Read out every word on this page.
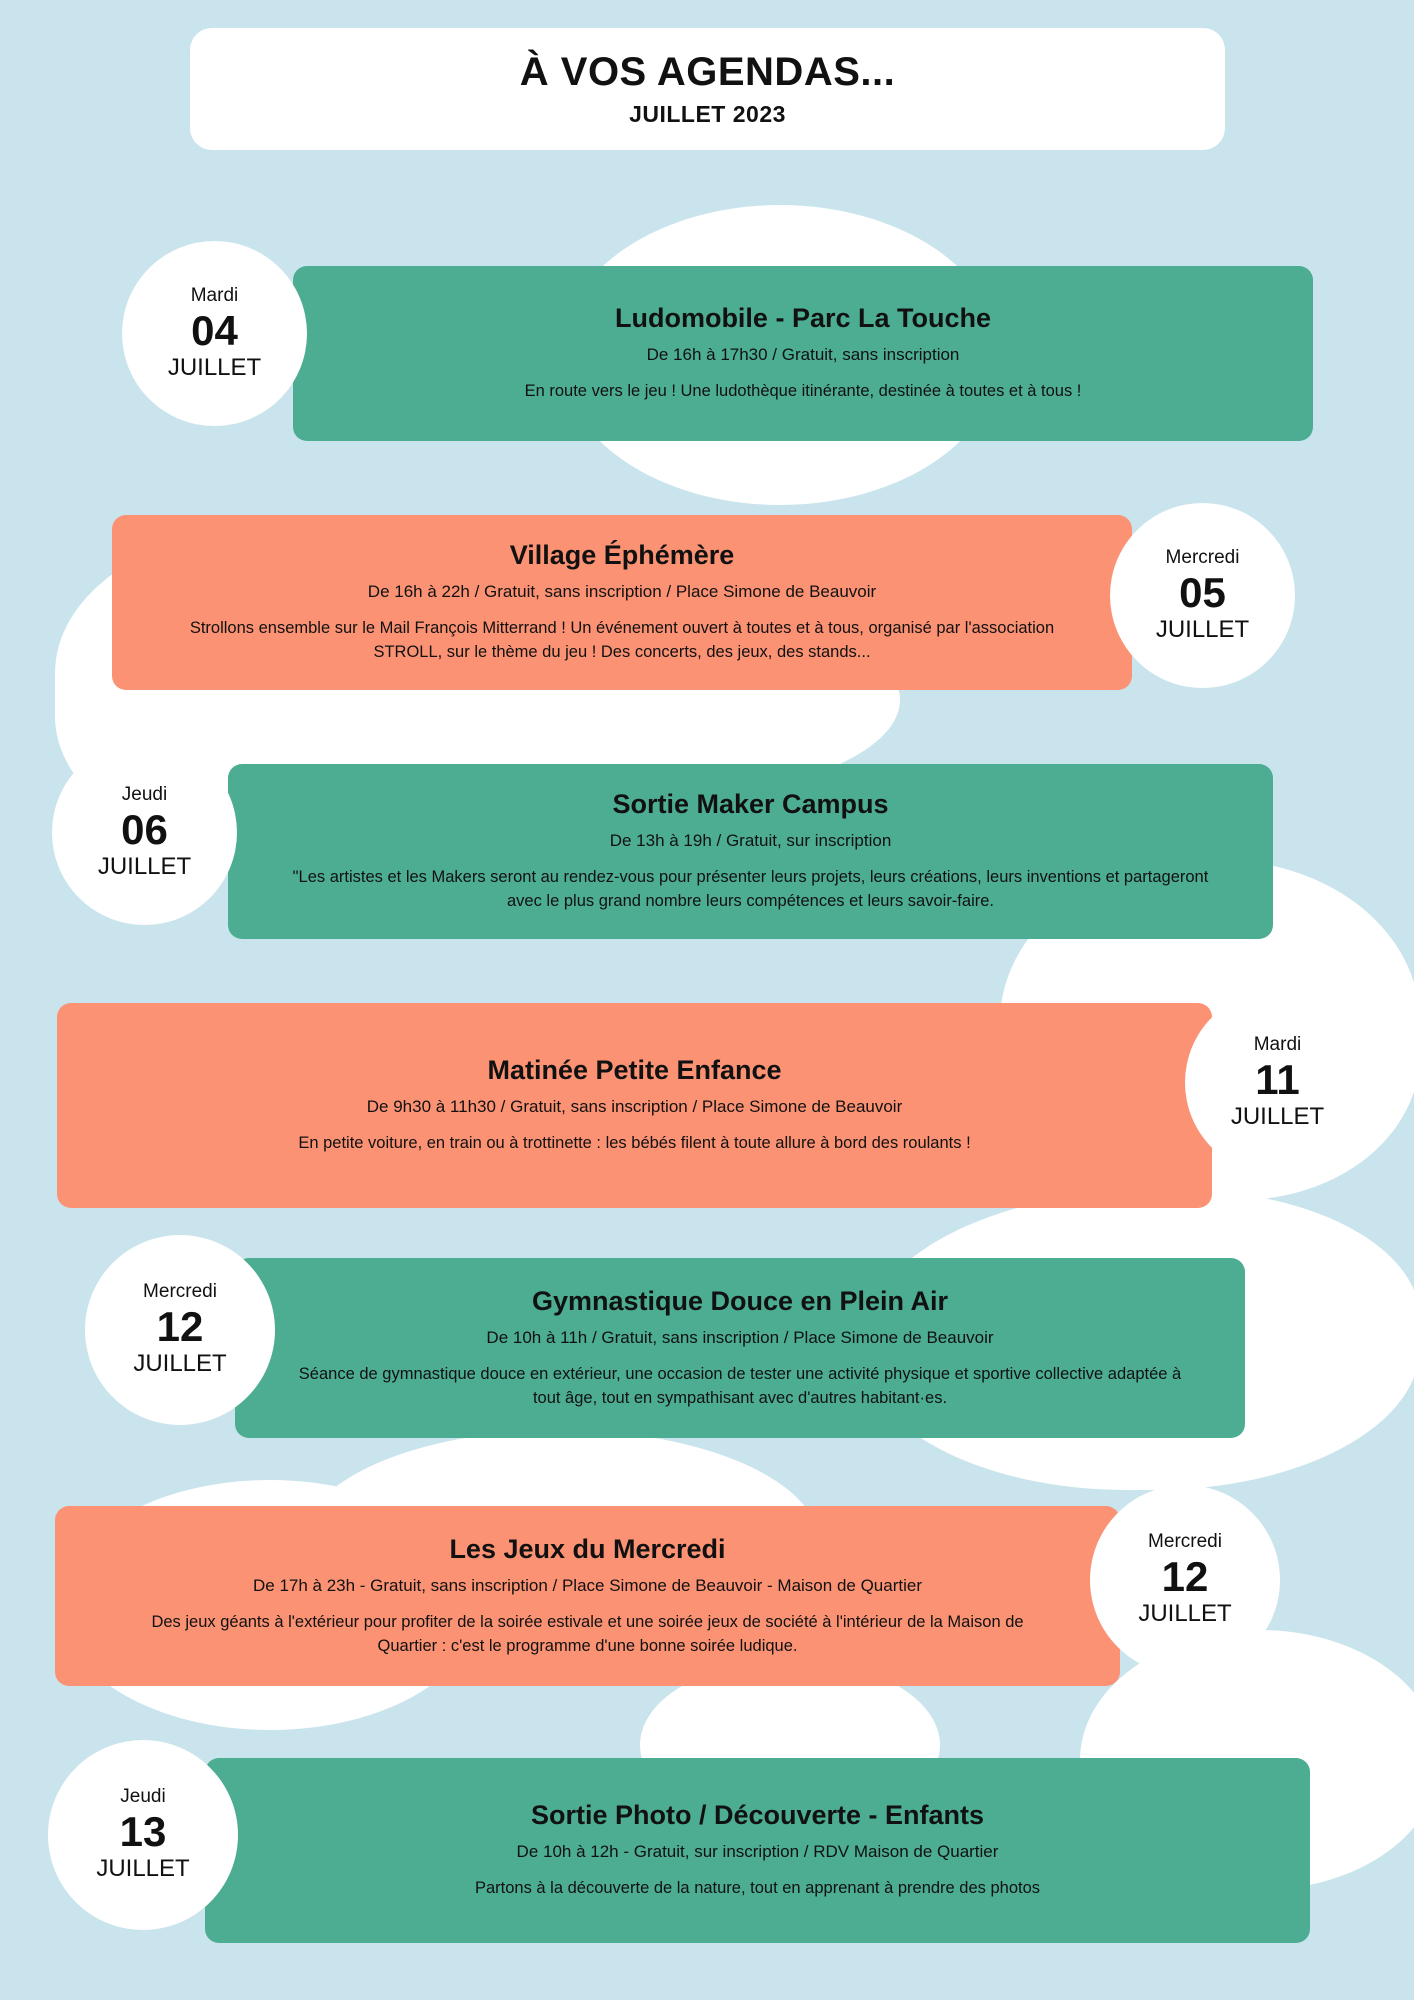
À VOS AGENDAS...
JUILLET 2023
Ludomobile - Parc La Touche
De 16h à 17h30 / Gratuit, sans inscription
En route vers le jeu ! Une ludothèque itinérante, destinée à toutes et à tous !
Mardi
04
JUILLET
Village Éphémère
De 16h à 22h / Gratuit, sans inscription / Place Simone de Beauvoir
Strollons ensemble sur le Mail François Mitterrand ! Un événement ouvert à toutes et à tous, organisé par l'association STROLL, sur le thème du jeu ! Des concerts, des jeux, des stands...
Mercredi
05
JUILLET
Sortie Maker Campus
De 13h à 19h / Gratuit, sur inscription
"Les artistes et les Makers seront au rendez-vous pour présenter leurs projets, leurs créations, leurs inventions et partageront avec le plus grand nombre leurs compétences et leurs savoir-faire.
Jeudi
06
JUILLET
Matinée Petite Enfance
De 9h30 à 11h30 / Gratuit, sans inscription / Place Simone de Beauvoir
En petite voiture, en train ou à trottinette : les bébés filent à toute allure à bord des roulants !
Mardi
11
JUILLET
Gymnastique Douce en Plein Air
De 10h à 11h / Gratuit, sans inscription / Place Simone de Beauvoir
Séance de gymnastique douce en extérieur, une occasion de tester une activité physique et sportive collective adaptée à tout âge, tout en sympathisant avec d'autres habitant·es.
Mercredi
12
JUILLET
Les Jeux du Mercredi
De 17h à 23h - Gratuit, sans inscription / Place Simone de Beauvoir - Maison de Quartier
Des jeux géants à l'extérieur pour profiter de la soirée estivale et une soirée jeux de société à l'intérieur de la Maison de Quartier : c'est le programme d'une bonne soirée ludique.
Mercredi
12
JUILLET
Sortie Photo / Découverte - Enfants
De 10h à 12h - Gratuit, sur inscription / RDV Maison de Quartier
Partons à la découverte de la nature, tout en apprenant à prendre des photos
Jeudi
13
JUILLET
